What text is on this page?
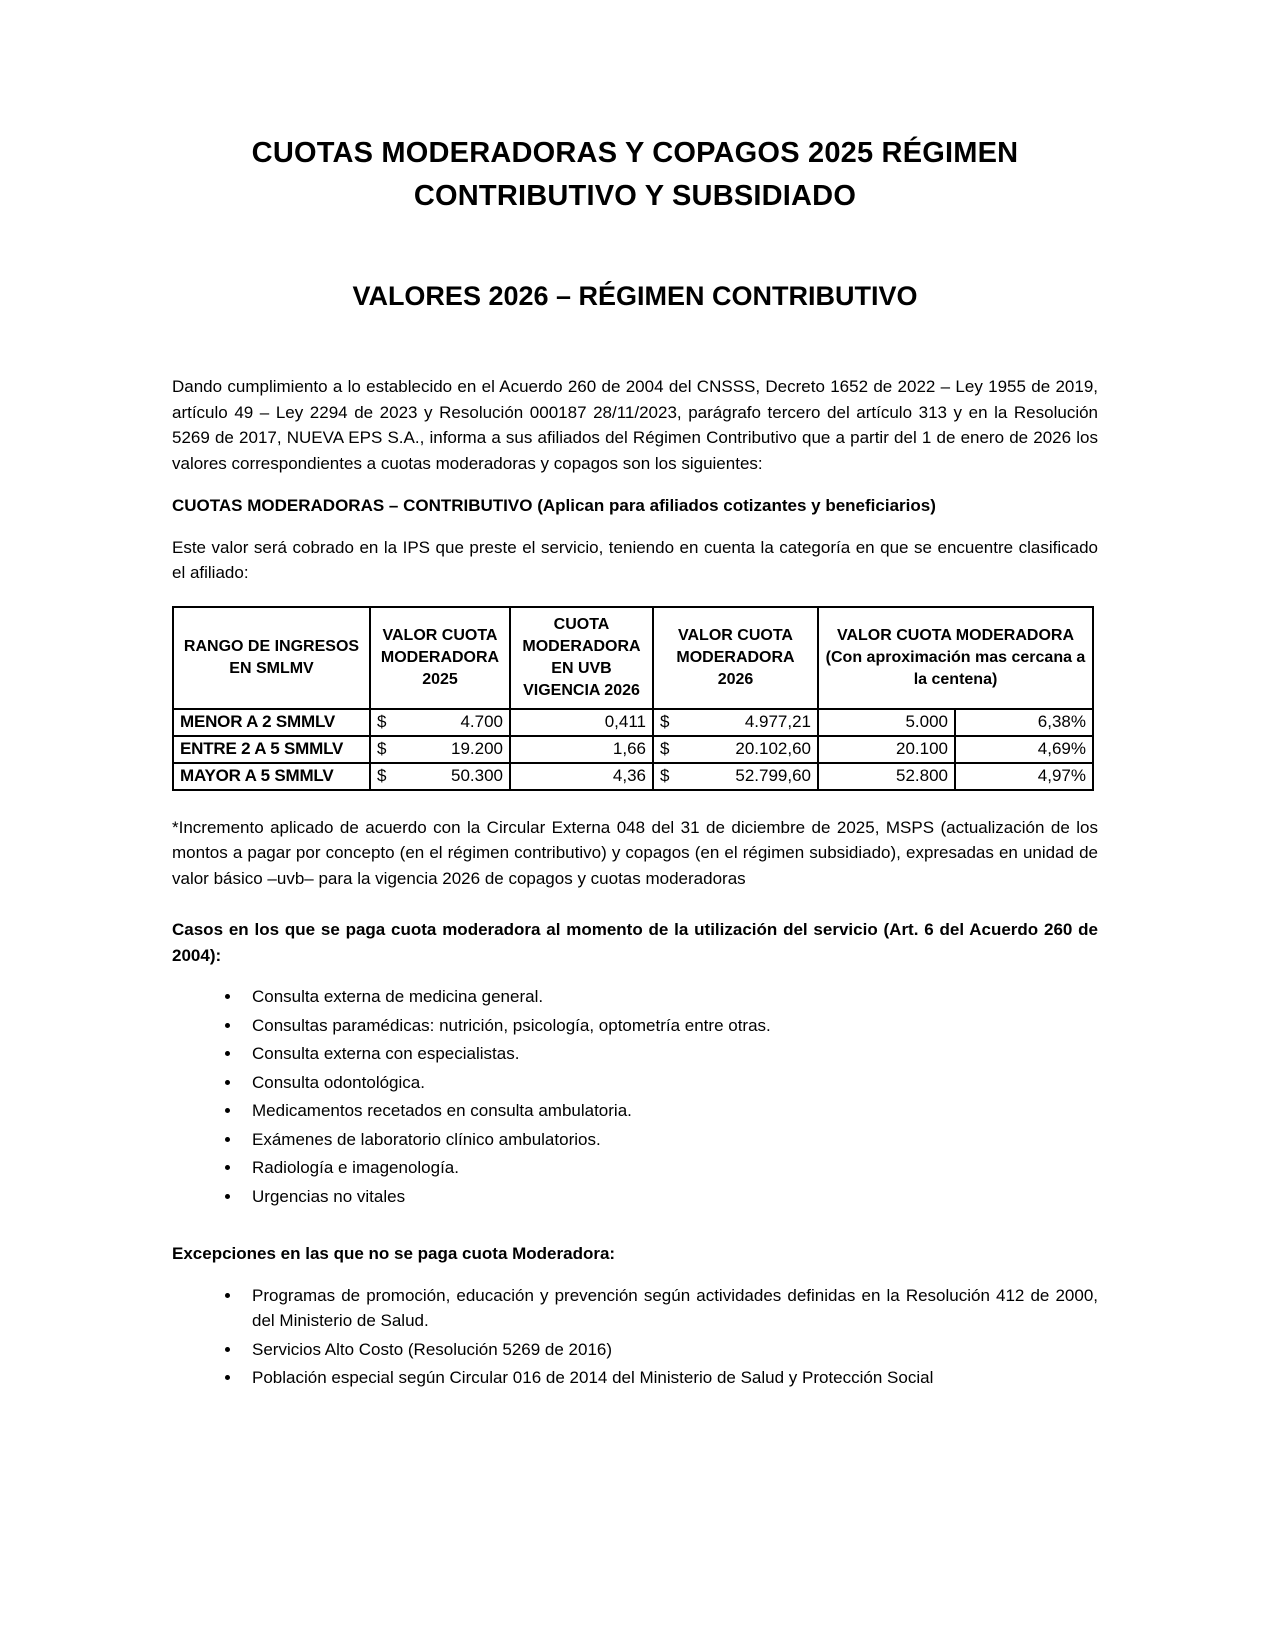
CUOTAS MODERADORAS Y COPAGOS 2025 RÉGIMEN
CONTRIBUTIVO Y SUBSIDIADO
VALORES 2026 – RÉGIMEN CONTRIBUTIVO

Dando cumplimiento a lo establecido en el Acuerdo 260 de 2004 del CNSSS, Decreto 1652 de 2022 – Ley 1955 de 2019, artículo 49 – Ley 2294 de 2023 y Resolución 000187 28/11/2023, parágrafo tercero del artículo 313 y en la Resolución 5269 de 2017, NUEVA EPS S.A., informa a sus afiliados del Régimen Contributivo que a partir del 1 de enero de 2026 los valores correspondientes a cuotas moderadoras y copagos son los siguientes:

CUOTAS MODERADORAS – CONTRIBUTIVO (Aplican para afiliados cotizantes y beneficiarios)

Este valor será cobrado en la IPS que preste el servicio, teniendo en cuenta la categoría en que se encuentre clasificado el afiliado:

RANGO DE INGRESOS EN SMLMV	VALOR CUOTA MODERADORA 2025	CUOTA MODERADORA EN UVB VIGENCIA 2026	VALOR CUOTA MODERADORA 2026	VALOR CUOTA MODERADORA (Con aproximación mas cercana a la centena)	
MENOR A 2 SMMLV	$ 4.700	0,411	$ 4.977,21	5.000	6,38%
ENTRE 2 A 5 SMMLV	$ 19.200	1,66	$ 20.102,60	20.100	4,69%
MAYOR A 5 SMMLV	$ 50.300	4,36	$ 52.799,60	52.800	4,97%

*Incremento aplicado de acuerdo con la Circular Externa 048 del 31 de diciembre de 2025, MSPS (actualización de los montos a pagar por concepto (en el régimen contributivo) y copagos (en el régimen subsidiado), expresadas en unidad de valor básico –uvb– para la vigencia 2026 de copagos y cuotas moderadoras

Casos en los que se paga cuota moderadora al momento de la utilización del servicio (Art. 6 del Acuerdo 260 de 2004):

• Consulta externa de medicina general.
• Consultas paramédicas: nutrición, psicología, optometría entre otras.
• Consulta externa con especialistas.
• Consulta odontológica.
• Medicamentos recetados en consulta ambulatoria.
• Exámenes de laboratorio clínico ambulatorios.
• Radiología e imagenología.
• Urgencias no vitales

Excepciones en las que no se paga cuota Moderadora:

• Programas de promoción, educación y prevención según actividades definidas en la Resolución 412 de 2000, del Ministerio de Salud.
• Servicios Alto Costo (Resolución 5269 de 2016)
• Población especial según Circular 016 de 2014 del Ministerio de Salud y Protección Social
